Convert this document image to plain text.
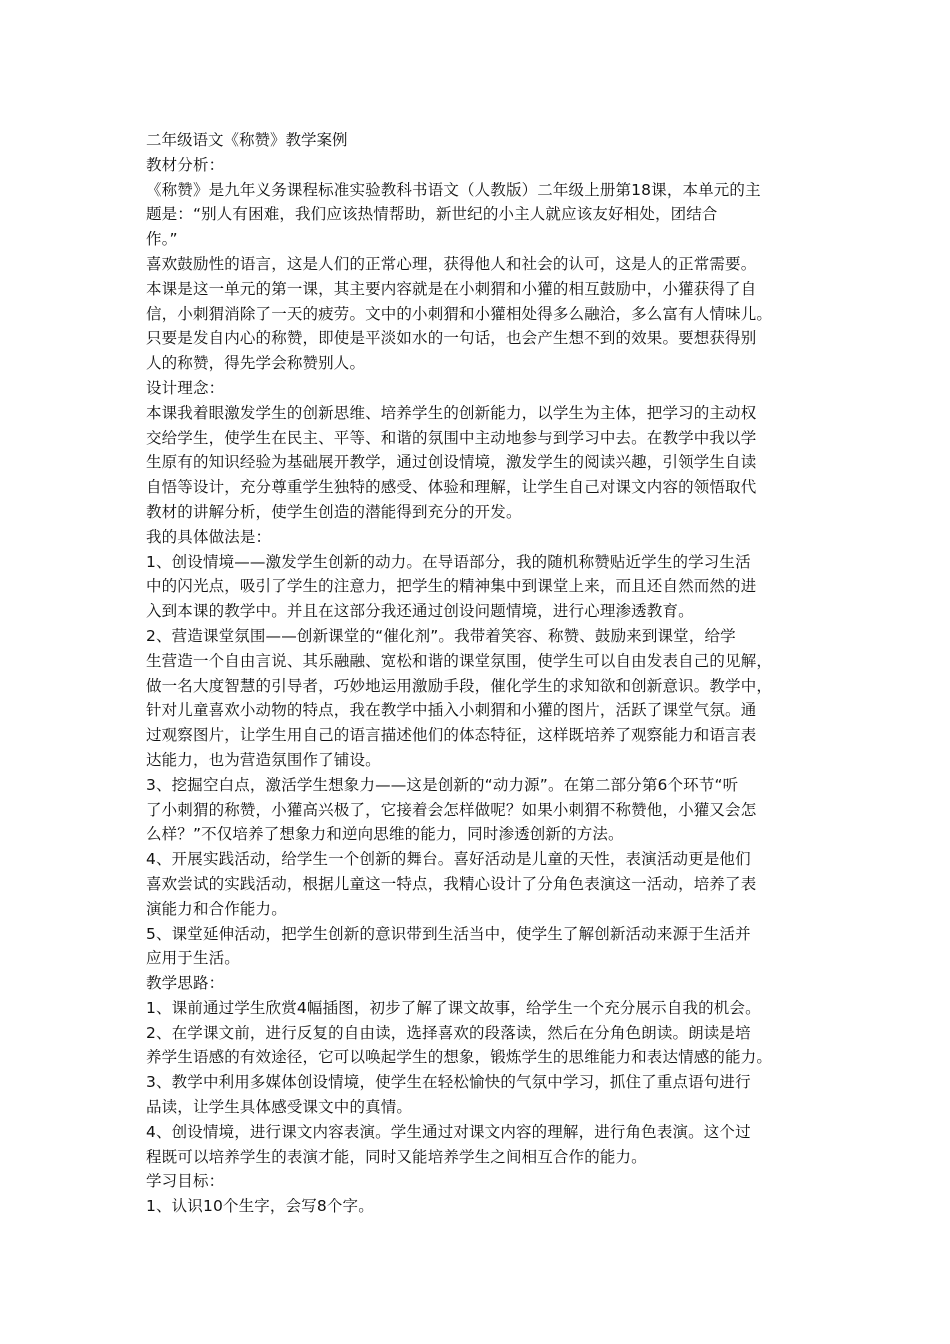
二年级语文《称赞》教学案例
教材分析：
《称赞》是九年义务课程标准实验教科书语文（人教版）二年级上册第18课，本单元的主
题是：“别人有困难，我们应该热情帮助，新世纪的小主人就应该友好相处，团结合
作。”
喜欢鼓励性的语言，这是人们的正常心理，获得他人和社会的认可，这是人的正常需要。
本课是这一单元的第一课，其主要内容就是在小刺猬和小獾的相互鼓励中，小獾获得了自
信，小刺猬消除了一天的疲劳。文中的小刺猬和小獾相处得多么融洽，多么富有人情味儿。
只要是发自内心的称赞，即使是平淡如水的一句话，也会产生想不到的效果。要想获得别
人的称赞，得先学会称赞别人。
设计理念：
本课我着眼激发学生的创新思维、培养学生的创新能力，以学生为主体，把学习的主动权
交给学生，使学生在民主、平等、和谐的氛围中主动地参与到学习中去。在教学中我以学
生原有的知识经验为基础展开教学，通过创设情境，激发学生的阅读兴趣，引领学生自读
自悟等设计，充分尊重学生独特的感受、体验和理解，让学生自己对课文内容的领悟取代
教材的讲解分析，使学生创造的潜能得到充分的开发。
我的具体做法是：
1、创设情境——激发学生创新的动力。在导语部分，我的随机称赞贴近学生的学习生活
中的闪光点，吸引了学生的注意力，把学生的精神集中到课堂上来，而且还自然而然的进
入到本课的教学中。并且在这部分我还通过创设问题情境，进行心理渗透教育。
2、营造课堂氛围——创新课堂的“催化剂”。我带着笑容、称赞、鼓励来到课堂，给学
生营造一个自由言说、其乐融融、宽松和谐的课堂氛围，使学生可以自由发表自己的见解，
做一名大度智慧的引导者，巧妙地运用激励手段，催化学生的求知欲和创新意识。教学中，
针对儿童喜欢小动物的特点，我在教学中插入小刺猬和小獾的图片，活跃了课堂气氛。通
过观察图片，让学生用自己的语言描述他们的体态特征，这样既培养了观察能力和语言表
达能力，也为营造氛围作了铺设。
3、挖掘空白点，激活学生想象力——这是创新的“动力源”。在第二部分第6个环节“听
了小刺猬的称赞，小獾高兴极了，它接着会怎样做呢？如果小刺猬不称赞他，小獾又会怎
么样？”不仅培养了想象力和逆向思维的能力，同时渗透创新的方法。
4、开展实践活动，给学生一个创新的舞台。喜好活动是儿童的天性，表演活动更是他们
喜欢尝试的实践活动，根据儿童这一特点，我精心设计了分角色表演这一活动，培养了表
演能力和合作能力。
5、课堂延伸活动，把学生创新的意识带到生活当中，使学生了解创新活动来源于生活并
应用于生活。
教学思路：
1、课前通过学生欣赏4幅插图，初步了解了课文故事，给学生一个充分展示自我的机会。
2、在学课文前，进行反复的自由读，选择喜欢的段落读，然后在分角色朗读。朗读是培
养学生语感的有效途径，它可以唤起学生的想象，锻炼学生的思维能力和表达情感的能力。
3、教学中利用多媒体创设情境，使学生在轻松愉快的气氛中学习，抓住了重点语句进行
品读，让学生具体感受课文中的真情。
4、创设情境，进行课文内容表演。学生通过对课文内容的理解，进行角色表演。这个过
程既可以培养学生的表演才能，同时又能培养学生之间相互合作的能力。
学习目标：
1、认识10个生字，会写8个字。
